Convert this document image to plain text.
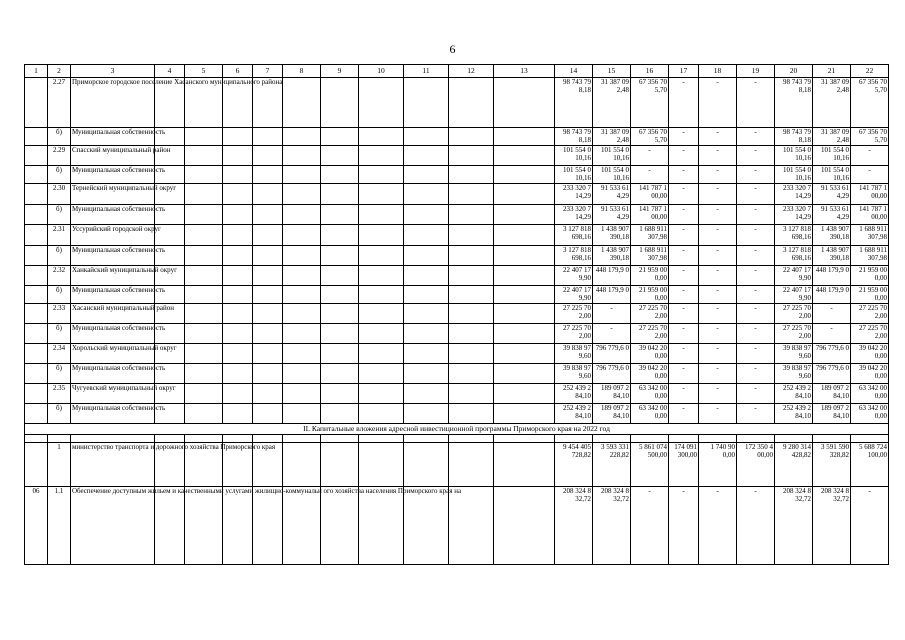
6
1	2	3	4	5	6	7	8	9	10	11	12	13	14	15	16	17	18	19	20	21	22
	2.27	Приморское городское поселение Хасанского муниципального района											98 743 79 8,18	31 387 09 2,48	67 356 70 5,70	-	-	-	98 743 79 8,18	31 387 09 2,48	67 356 70 5,70
	б)	Муниципальная собственность											98 743 79 8,18	31 387 09 2,48	67 356 70 5,70	-	-	-	98 743 79 8,18	31 387 09 2,48	67 356 70 5,70
	2.29	Спасский муниципальный район											101 554 0 10,16	101 554 0 10,16	-	-	-	-	101 554 0 10,16	101 554 0 10,16	-
	б)	Муниципальная собственность											101 554 0 10,16	101 554 0 10,16	-	-	-	-	101 554 0 10,16	101 554 0 10,16	-
	2.30	Тернейский муниципальный округ											233 320 7 14,29	91 533 61 4,29	141 787 1 00,00	-	-	-	233 320 7 14,29	91 533 61 4,29	141 787 1 00,00
	б)	Муниципальная собственность											233 320 7 14,29	91 533 61 4,29	141 787 1 00,00	-	-	-	233 320 7 14,29	91 533 61 4,29	141 787 1 00,00
	2.31	Уссурийский городской округ											3 127 818 698,16	1 438 907 390,18	1 688 911 307,98	-	-	-	3 127 818 698,16	1 438 907 390,18	1 688 911 307,98
	б)	Муниципальная собственность											3 127 818 698,16	1 438 907 390,18	1 688 911 307,98	-	-	-	3 127 818 698,16	1 438 907 390,18	1 688 911 307,98
	2.32	Ханкайский муниципальный округ											22 407 17 9,90	448 179,9 0	21 959 00 0,00	-	-	-	22 407 17 9,90	448 179,9 0	21 959 00 0,00
	б)	Муниципальная собственность											22 407 17 9,90	448 179,9 0	21 959 00 0,00	-	-	-	22 407 17 9,90	448 179,9 0	21 959 00 0,00
	2.33	Хасанский муниципальный район											27 225 70 2,00	-	27 225 70 2,00	-	-	-	27 225 70 2,00	-	27 225 70 2,00
	б)	Муниципальная собственность											27 225 70 2,00	-	27 225 70 2,00	-	-	-	27 225 70 2,00	-	27 225 70 2,00
	2.34	Хорольский муниципальный округ											39 838 97 9,60	796 779,6 0	39 042 20 0,00	-	-	-	39 838 97 9,60	796 779,6 0	39 042 20 0,00
	б)	Муниципальная собственность											39 838 97 9,60	796 779,6 0	39 042 20 0,00	-	-	-	39 838 97 9,60	796 779,6 0	39 042 20 0,00
	2.35	Чугуевский муниципальный округ											252 439 2 84,10	189 097 2 84,10	63 342 00 0,00	-	-	-	252 439 2 84,10	189 097 2 84,10	63 342 00 0,00
	б)	Муниципальная собственность											252 439 2 84,10	189 097 2 84,10	63 342 00 0,00	-	-	-	252 439 2 84,10	189 097 2 84,10	63 342 00 0,00
II. Капитальные вложения адресной инвестиционной программы Приморского края на 2022 год																					

	1	министерство транспорта и дорожного хозяйства Приморского края											9 454 405 728,82	3 593 331 228,82	5 861 074 500,00	174 091 300,00	1 740 90 0,00	172 350 4 00,00	9 280 314 428,82	3 591 590 328,82	5 688 724 100,00
06	1.1	Обеспечение доступным жильем и качественными услугами жилищно-коммунальн ого хозяйства населения Приморского края на											208 324 8 32,72	208 324 8 32,72	-	-	-	-	208 324 8 32,72	208 324 8 32,72	-
